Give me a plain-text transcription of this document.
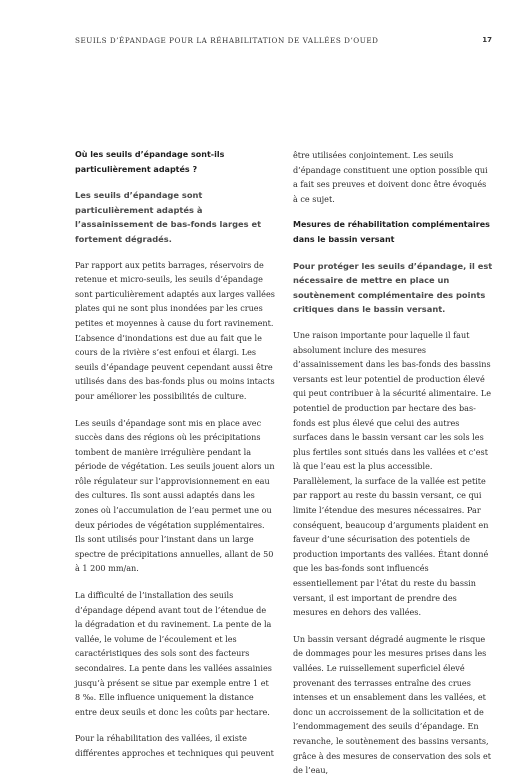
SEUILS D’ÉPANDAGE POUR LA RÉHABILITATION DE VALLÉES D’OUED	17
Où les seuils d’épandage sont-ils particulièrement adaptés ?
Les seuils d’épandage sont particulièrement adaptés à l’assainissement de bas-fonds larges et fortement dégradés.

Par rapport aux petits barrages, réservoirs de retenue et micro-seuils, les seuils d’épandage sont particulièrement adaptés aux larges vallées plates qui ne sont plus inondées par les crues petites et moyennes à cause du fort ravinement. L’absence d’inondations est due au fait que le cours de la rivière s’est enfoui et élargi. Les seuils d’épandage peuvent cependant aussi être utilisés dans des bas-fonds plus ou moins intacts pour améliorer les possibilités de culture.

Les seuils d’épandage sont mis en place avec succès dans des régions où les précipitations tombent de manière irrégulière pendant la période de végétation. Les seuils jouent alors un rôle régulateur sur l’approvisionnement en eau des cultures. Ils sont aussi adaptés dans les zones où l’accumulation de l’eau permet une ou deux périodes de végétation supplémentaires. Ils sont utilisés pour l’instant dans un large spectre de précipitations annuelles, allant de 50 à 1 200 mm/an.

La difficulté de l’installation des seuils d’épandage dépend avant tout de l’étendue de la dégradation et du ravinement. La pente de la vallée, le volume de l’écoulement et les caractéristiques des sols sont des facteurs secondaires. La pente dans les vallées assainies jusqu’à présent se situe par exemple entre 1 et 8 ‰. Elle influence uniquement la distance entre deux seuils et donc les coûts par hectare.

Pour la réhabilitation des vallées, il existe différentes approches et techniques qui peuvent

être utilisées conjointement. Les seuils d’épandage constituent une option possible qui a fait ses preuves et doivent donc être évoqués à ce sujet.

Mesures de réhabilitation complémentaires dans le bassin versant
Pour protéger les seuils d’épandage, il est nécessaire de mettre en place un soutènement complémentaire des points critiques dans le bassin versant.

Une raison importante pour laquelle il faut absolument inclure des mesures d’assainissement dans les bas-fonds des bassins versants est leur potentiel de production élevé qui peut contribuer à la sécurité alimentaire. Le potentiel de production par hectare des bas-fonds est plus élevé que celui des autres surfaces dans le bassin versant car les sols les plus fertiles sont situés dans les vallées et c’est là que l’eau est la plus accessible. Parallèlement, la surface de la vallée est petite par rapport au reste du bassin versant, ce qui limite l’étendue des mesures nécessaires. Par conséquent, beaucoup d’arguments plaident en faveur d’une sécurisation des potentiels de production importants des vallées. Étant donné que les bas-fonds sont influencés essentiellement par l’état du reste du bassin versant, il est important de prendre des mesures en dehors des vallées.

Un bassin versant dégradé augmente le risque de dommages pour les mesures prises dans les vallées. Le ruissellement superficiel élevé provenant des terrasses entraîne des crues intenses et un ensablement dans les vallées, et donc un accroissement de la sollicitation et de l’endommagement des seuils d’épandage. En revanche, le soutènement des bassins versants, grâce à des mesures de conservation des sols et de l’eau,
